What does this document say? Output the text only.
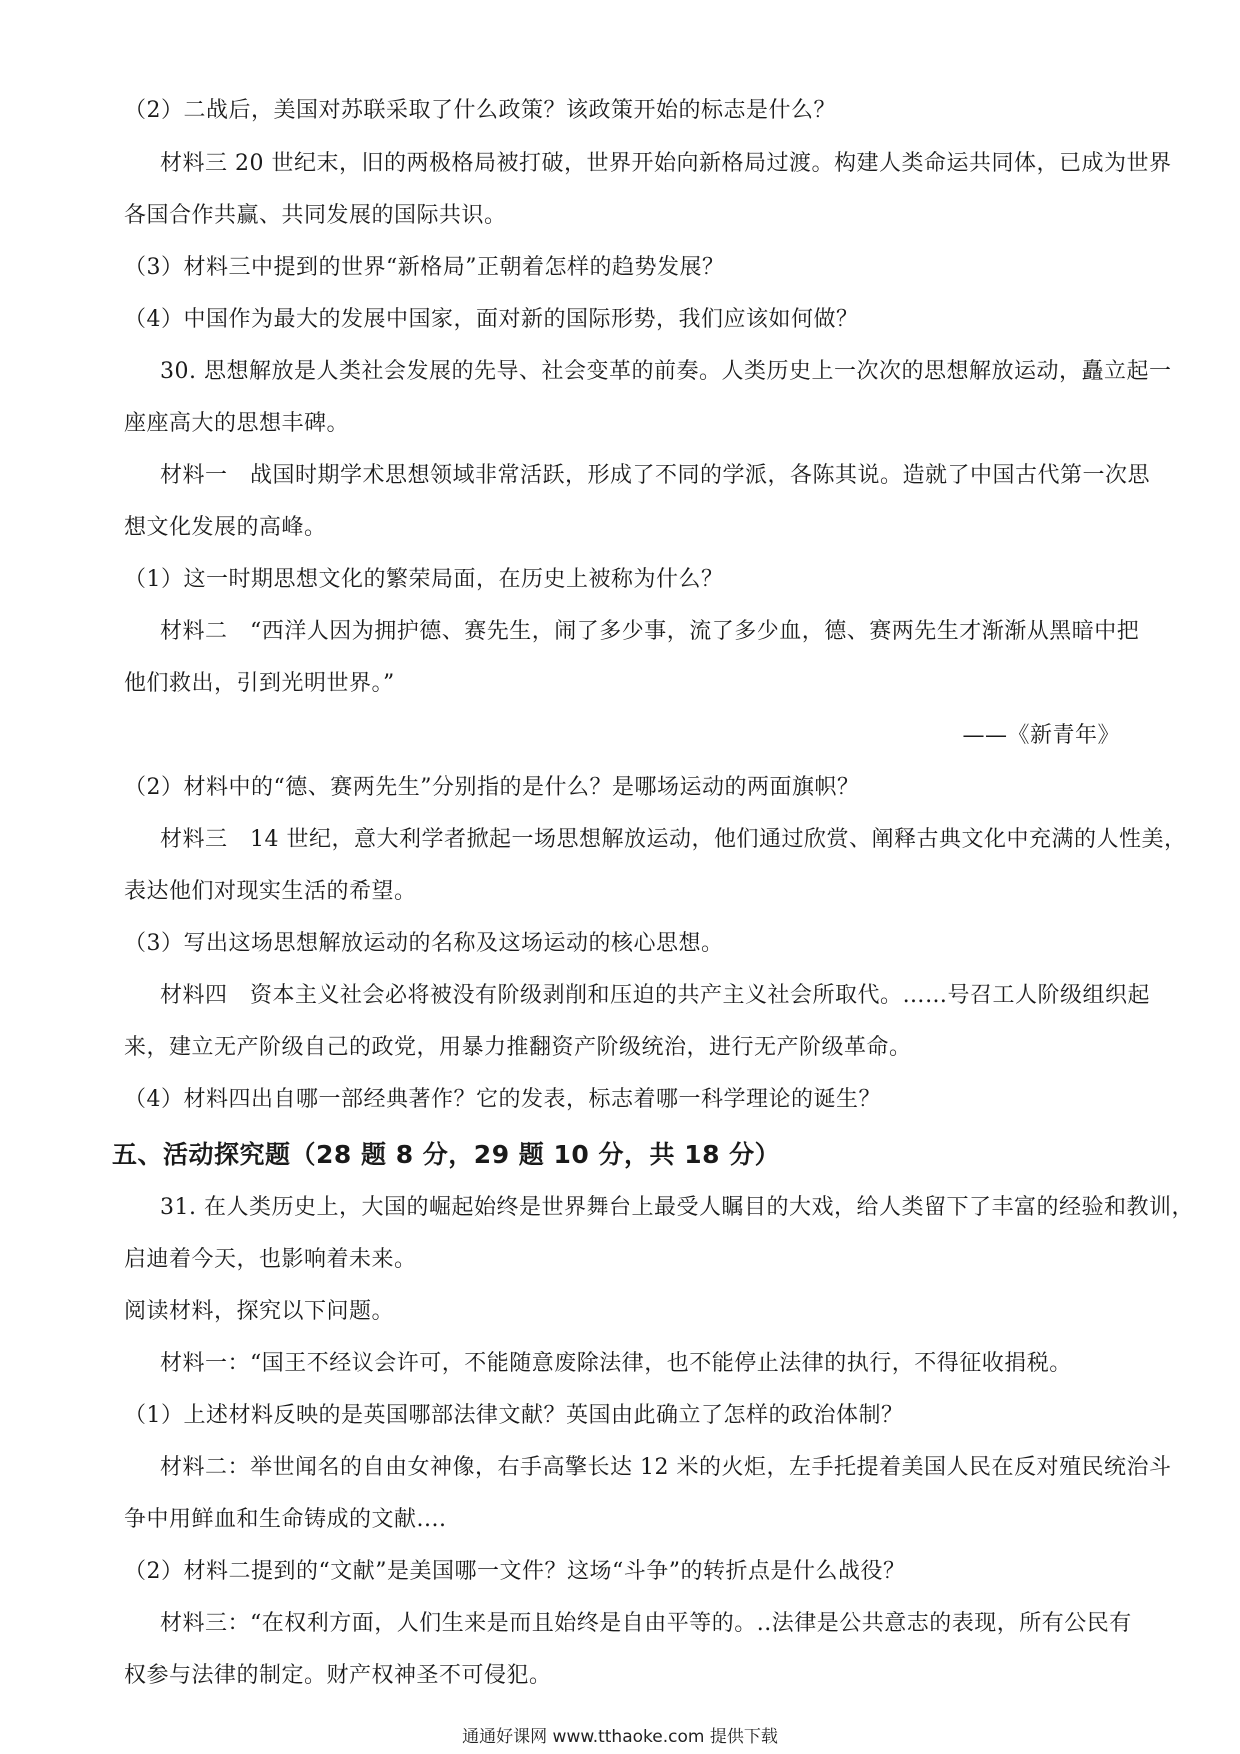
（2）二战后，美国对苏联采取了什么政策？该政策开始的标志是什么？
材料三 20 世纪末，旧的两极格局被打破，世界开始向新格局过渡。构建人类命运共同体，已成为世界
各国合作共赢、共同发展的国际共识。
（3）材料三中提到的世界“新格局”正朝着怎样的趋势发展？
（4）中国作为最大的发展中国家，面对新的国际形势，我们应该如何做？
30. 思想解放是人类社会发展的先导、社会变革的前奏。人类历史上一次次的思想解放运动，矗立起一
座座高大的思想丰碑。
材料一　战国时期学术思想领域非常活跃，形成了不同的学派，各陈其说。造就了中国古代第一次思
想文化发展的高峰。
（1）这一时期思想文化的繁荣局面，在历史上被称为什么？
材料二　“西洋人因为拥护德、赛先生，闹了多少事，流了多少血，德、赛两先生才渐渐从黑暗中把
他们救出，引到光明世界。”
——《新青年》
（2）材料中的“德、赛两先生”分别指的是什么？是哪场运动的两面旗帜？
材料三　14 世纪，意大利学者掀起一场思想解放运动，他们通过欣赏、阐释古典文化中充满的人性美，
表达他们对现实生活的希望。
（3）写出这场思想解放运动的名称及这场运动的核心思想。
材料四　资本主义社会必将被没有阶级剥削和压迫的共产主义社会所取代。……号召工人阶级组织起
来，建立无产阶级自己的政党，用暴力推翻资产阶级统治，进行无产阶级革命。
（4）材料四出自哪一部经典著作？它的发表，标志着哪一科学理论的诞生？
五、活动探究题（28 题 8 分，29 题 10 分，共 18 分）
31. 在人类历史上，大国的崛起始终是世界舞台上最受人瞩目的大戏，给人类留下了丰富的经验和教训，
启迪着今天，也影响着未来。
阅读材料，探究以下问题。
材料一：“国王不经议会许可，不能随意废除法律，也不能停止法律的执行，不得征收捐税。
（1）上述材料反映的是英国哪部法律文献？英国由此确立了怎样的政治体制？
材料二：举世闻名的自由女神像，右手高擎长达 12 米的火炬，左手托提着美国人民在反对殖民统治斗
争中用鲜血和生命铸成的文献....
（2）材料二提到的“文献”是美国哪一文件？这场“斗争”的转折点是什么战役？
材料三：“在权利方面，人们生来是而且始终是自由平等的。..法律是公共意志的表现，所有公民有
权参与法律的制定。财产权神圣不可侵犯。
通通好课网 www.tthaoke.com 提供下载
